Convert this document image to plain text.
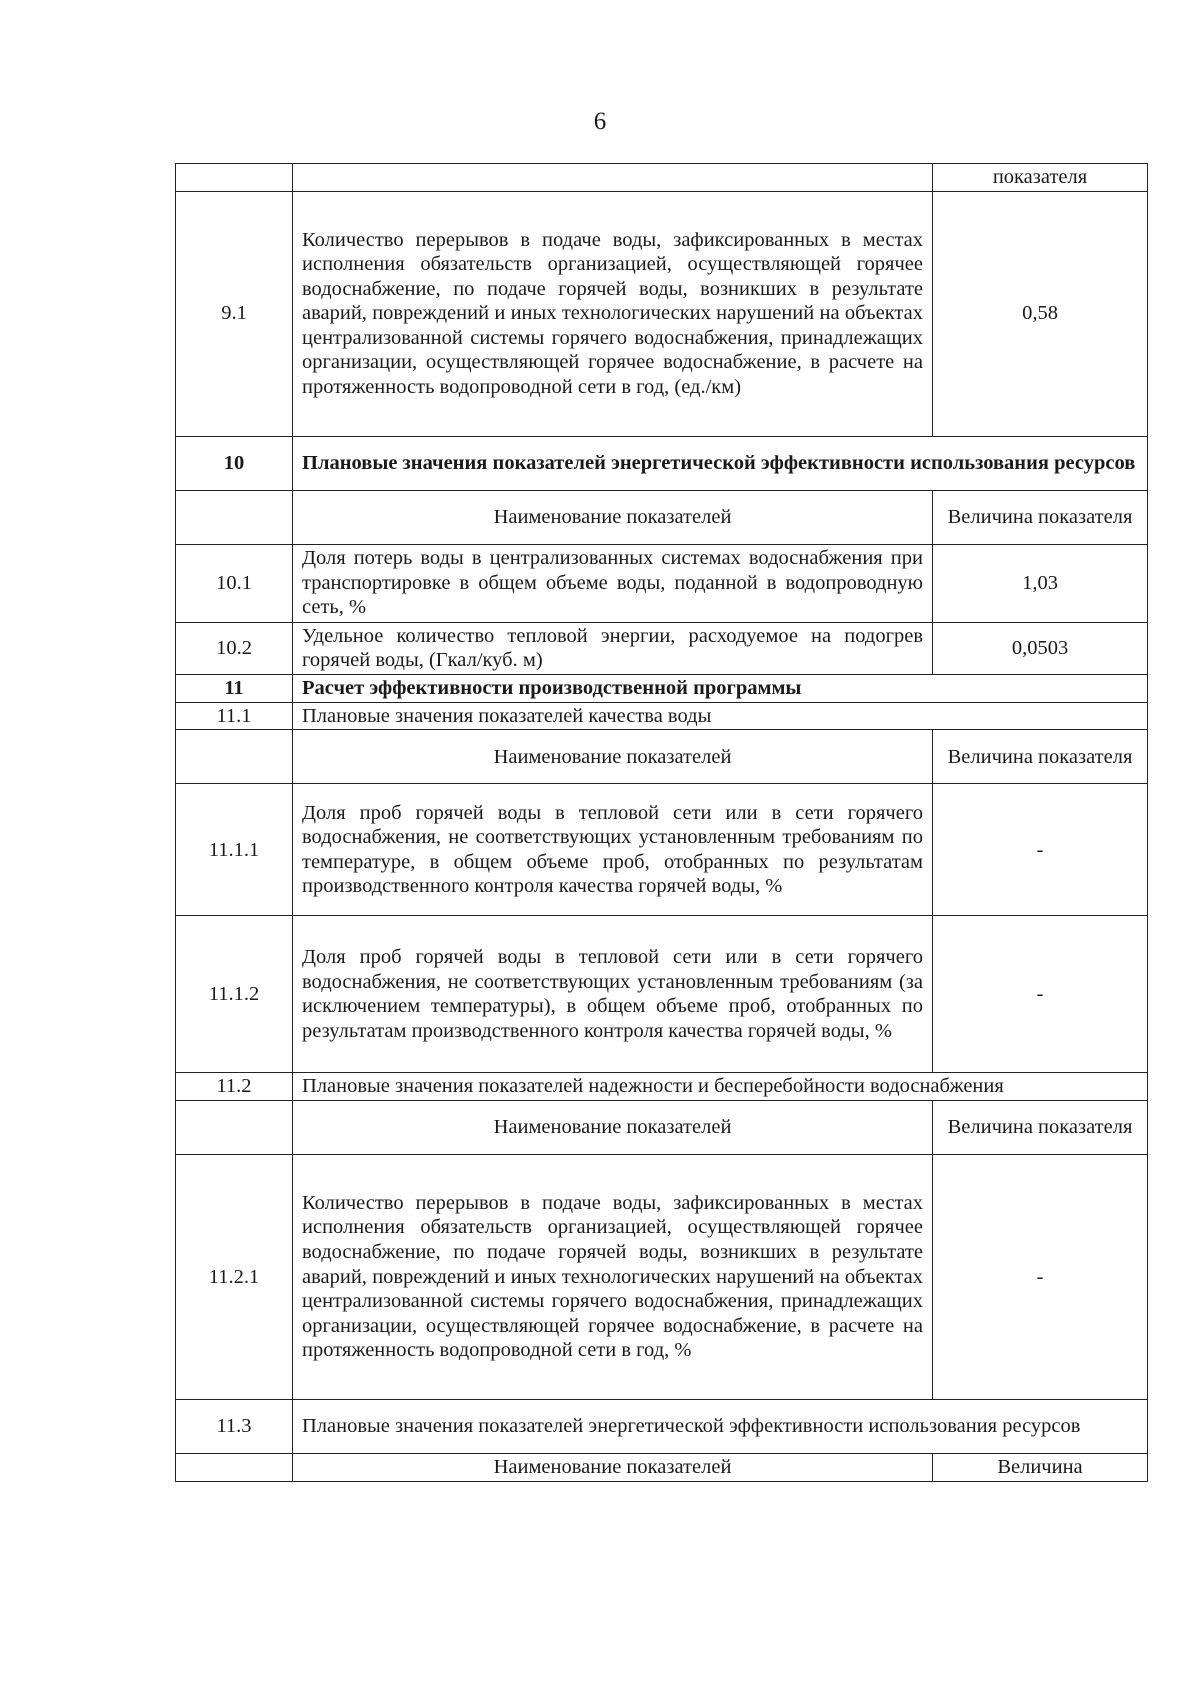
6
		показателя
9.1	Количество перерывов в подаче воды, зафиксированных в местах исполнения обязательств организацией, осуществляющей горячее водоснабжение, по подаче горячей воды, возникших в результате аварий, повреждений и иных технологических нарушений на объектах централизованной системы горячего водоснабжения, принадлежащих организации, осуществляющей горячее водоснабжение, в расчете на протяженность водопроводной сети в год, (ед./км)	0,58
10	Плановые значения показателей энергетической эффективности использования ресурсов	
	Наименование показателей	Величина показателя
10.1	Доля потерь воды в централизованных системах водоснабжения при транспортировке в общем объеме воды, поданной в водопроводную сеть, %	1,03
10.2	Удельное количество тепловой энергии, расходуемое на подогрев горячей воды, (Гкал/куб. м)	0,0503
11	Расчет эффективности производственной программы	
11.1	Плановые значения показателей качества воды	
	Наименование показателей	Величина показателя
11.1.1	Доля проб горячей воды в тепловой сети или в сети горячего водоснабжения, не соответствующих установленным требованиям по температуре, в общем объеме проб, отобранных по результатам производственного контроля качества горячей воды, %	-
11.1.2	Доля проб горячей воды в тепловой сети или в сети горячего водоснабжения, не соответствующих установленным требованиям (за исключением температуры), в общем объеме проб, отобранных по результатам производственного контроля качества горячей воды, %	-
11.2	Плановые значения показателей надежности и бесперебойности водоснабжения	
	Наименование показателей	Величина показателя
11.2.1	Количество перерывов в подаче воды, зафиксированных в местах исполнения обязательств организацией, осуществляющей горячее водоснабжение, по подаче горячей воды, возникших в результате аварий, повреждений и иных технологических нарушений на объектах централизованной системы горячего водоснабжения, принадлежащих организации, осуществляющей горячее водоснабжение, в расчете на протяженность водопроводной сети в год, %	-
11.3	Плановые значения показателей энергетической эффективности использования ресурсов	
	Наименование показателей	Величина
